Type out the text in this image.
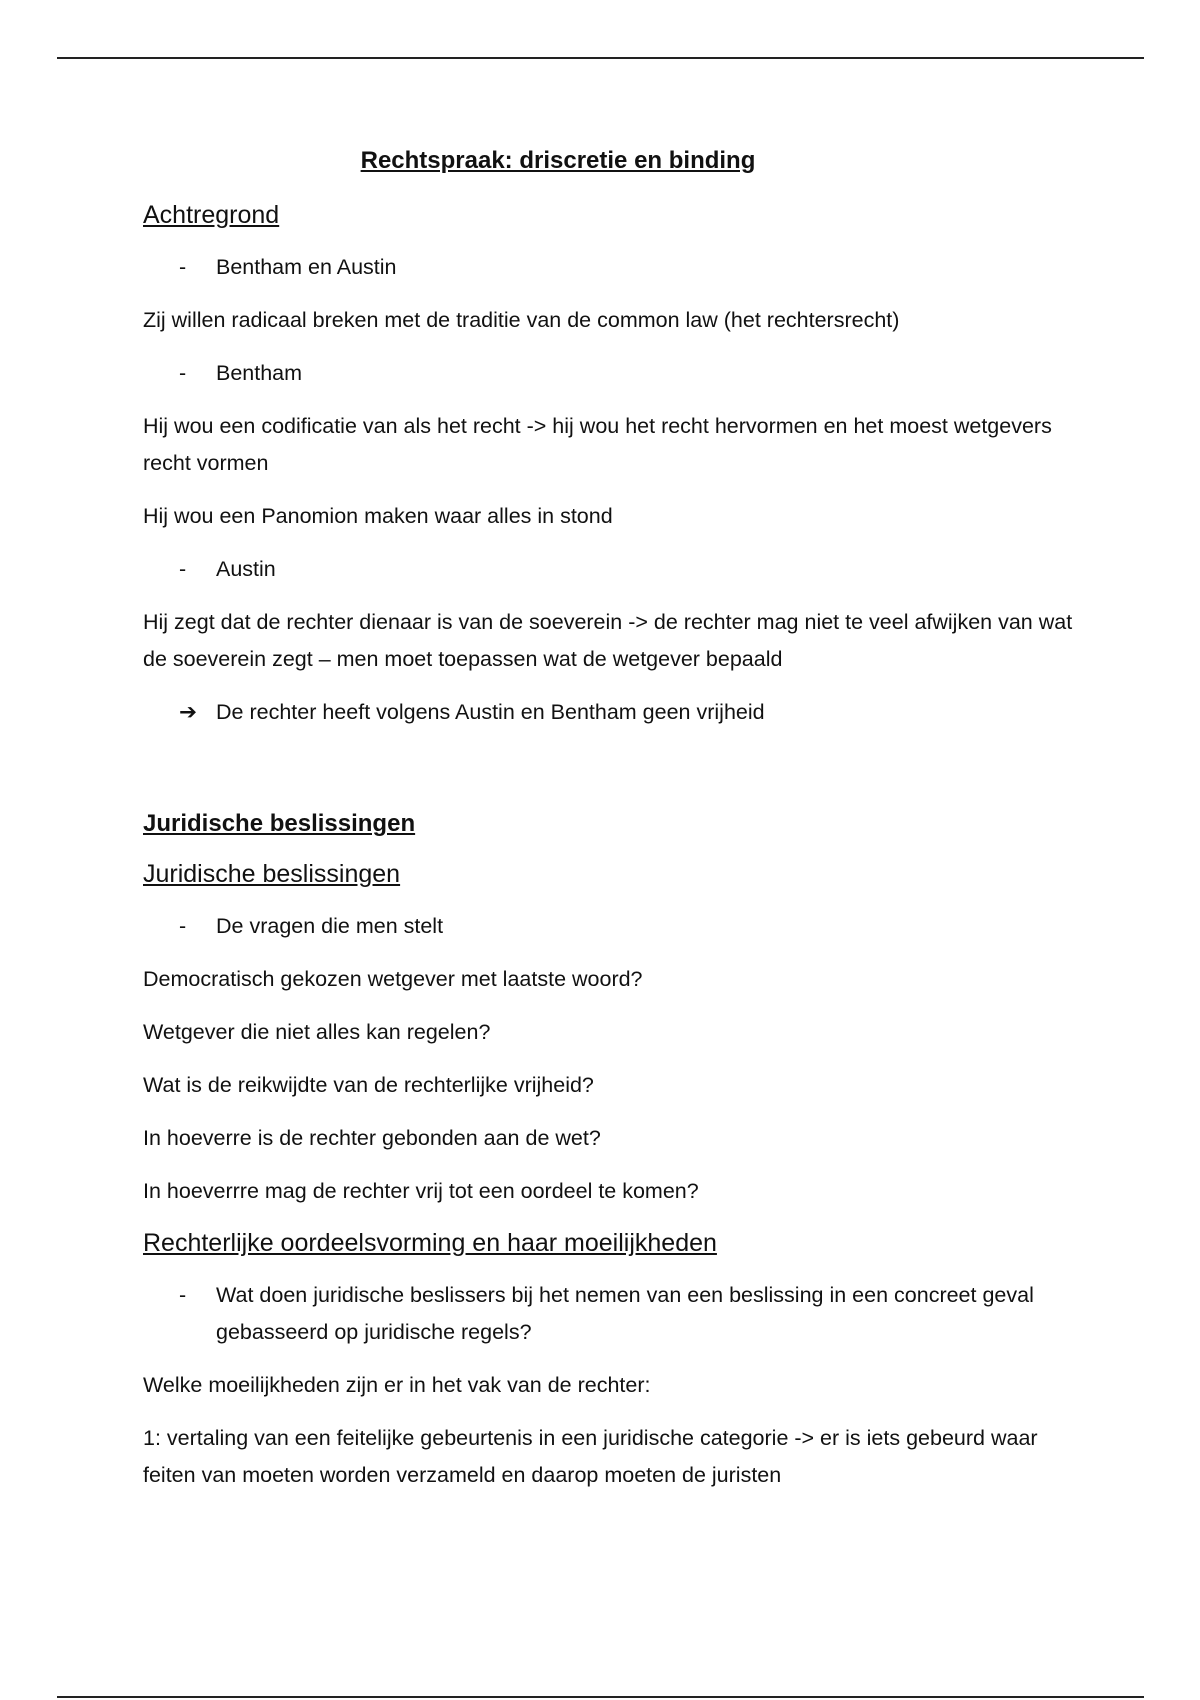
Rechtspraak: driscretie en binding
Achtregrond
- Bentham en Austin
Zij willen radicaal breken met de traditie van de common law (het rechtersrecht)
- Bentham
Hij wou een codificatie van als het recht -> hij wou het recht hervormen en het moest wetgevers recht vormen
Hij wou een Panomion maken waar alles in stond
- Austin
Hij zegt dat de rechter dienaar is van de soeverein -> de rechter mag niet te veel afwijken van wat de soeverein zegt – men moet toepassen wat de wetgever bepaald
➔ De rechter heeft volgens Austin en Bentham geen vrijheid
Juridische beslissingen
Juridische beslissingen
- De vragen die men stelt
Democratisch gekozen wetgever met laatste woord?
Wetgever die niet alles kan regelen?
Wat is de reikwijdte van de rechterlijke vrijheid?
In hoeverre is de rechter gebonden aan de wet?
In hoeverrre mag de rechter vrij tot een oordeel te komen?
Rechterlijke oordeelsvorming en haar moeilijkheden
- Wat doen juridische beslissers bij het nemen van een beslissing in een concreet geval gebasseerd op juridische regels?
Welke moeilijkheden zijn er in het vak van de rechter:
1: vertaling van een feitelijke gebeurtenis in een juridische categorie -> er is iets gebeurd waar feiten van moeten worden verzameld en daarop moeten de juristen
